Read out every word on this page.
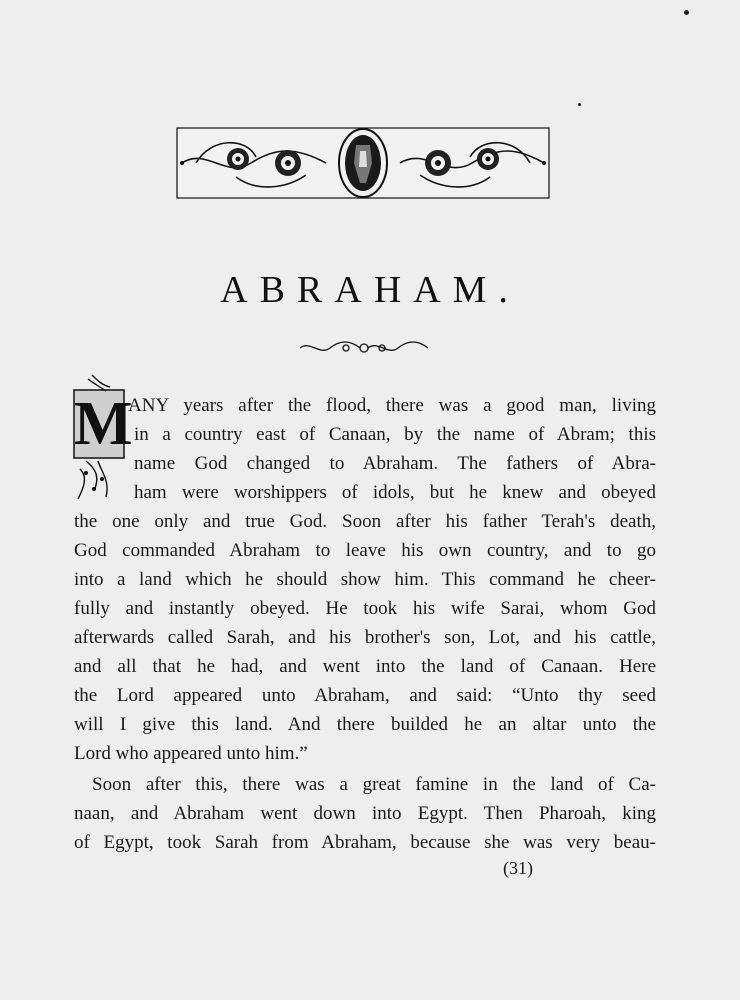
ABRAHAM.
M
ANY years after the flood, there was a good man, living
in a country east of Canaan, by the name of Abram; this
name God changed to Abraham. The fathers of Abra-
ham were worshippers of idols, but he knew and obeyed
the one only and true God. Soon after his father Terah's death,
God commanded Abraham to leave his own country, and to go
into a land which he should show him. This command he cheer-
fully and instantly obeyed. He took his wife Sarai, whom God
afterwards called Sarah, and his brother's son, Lot, and his cattle,
and all that he had, and went into the land of Canaan. Here
the Lord appeared unto Abraham, and said: “Unto thy seed
will I give this land. And there builded he an altar unto the
Lord who appeared unto him.”
Soon after this, there was a great famine in the land of Ca-
naan, and Abraham went down into Egypt. Then Pharoah, king
of Egypt, took Sarah from Abraham, because she was very beau-
(31)
